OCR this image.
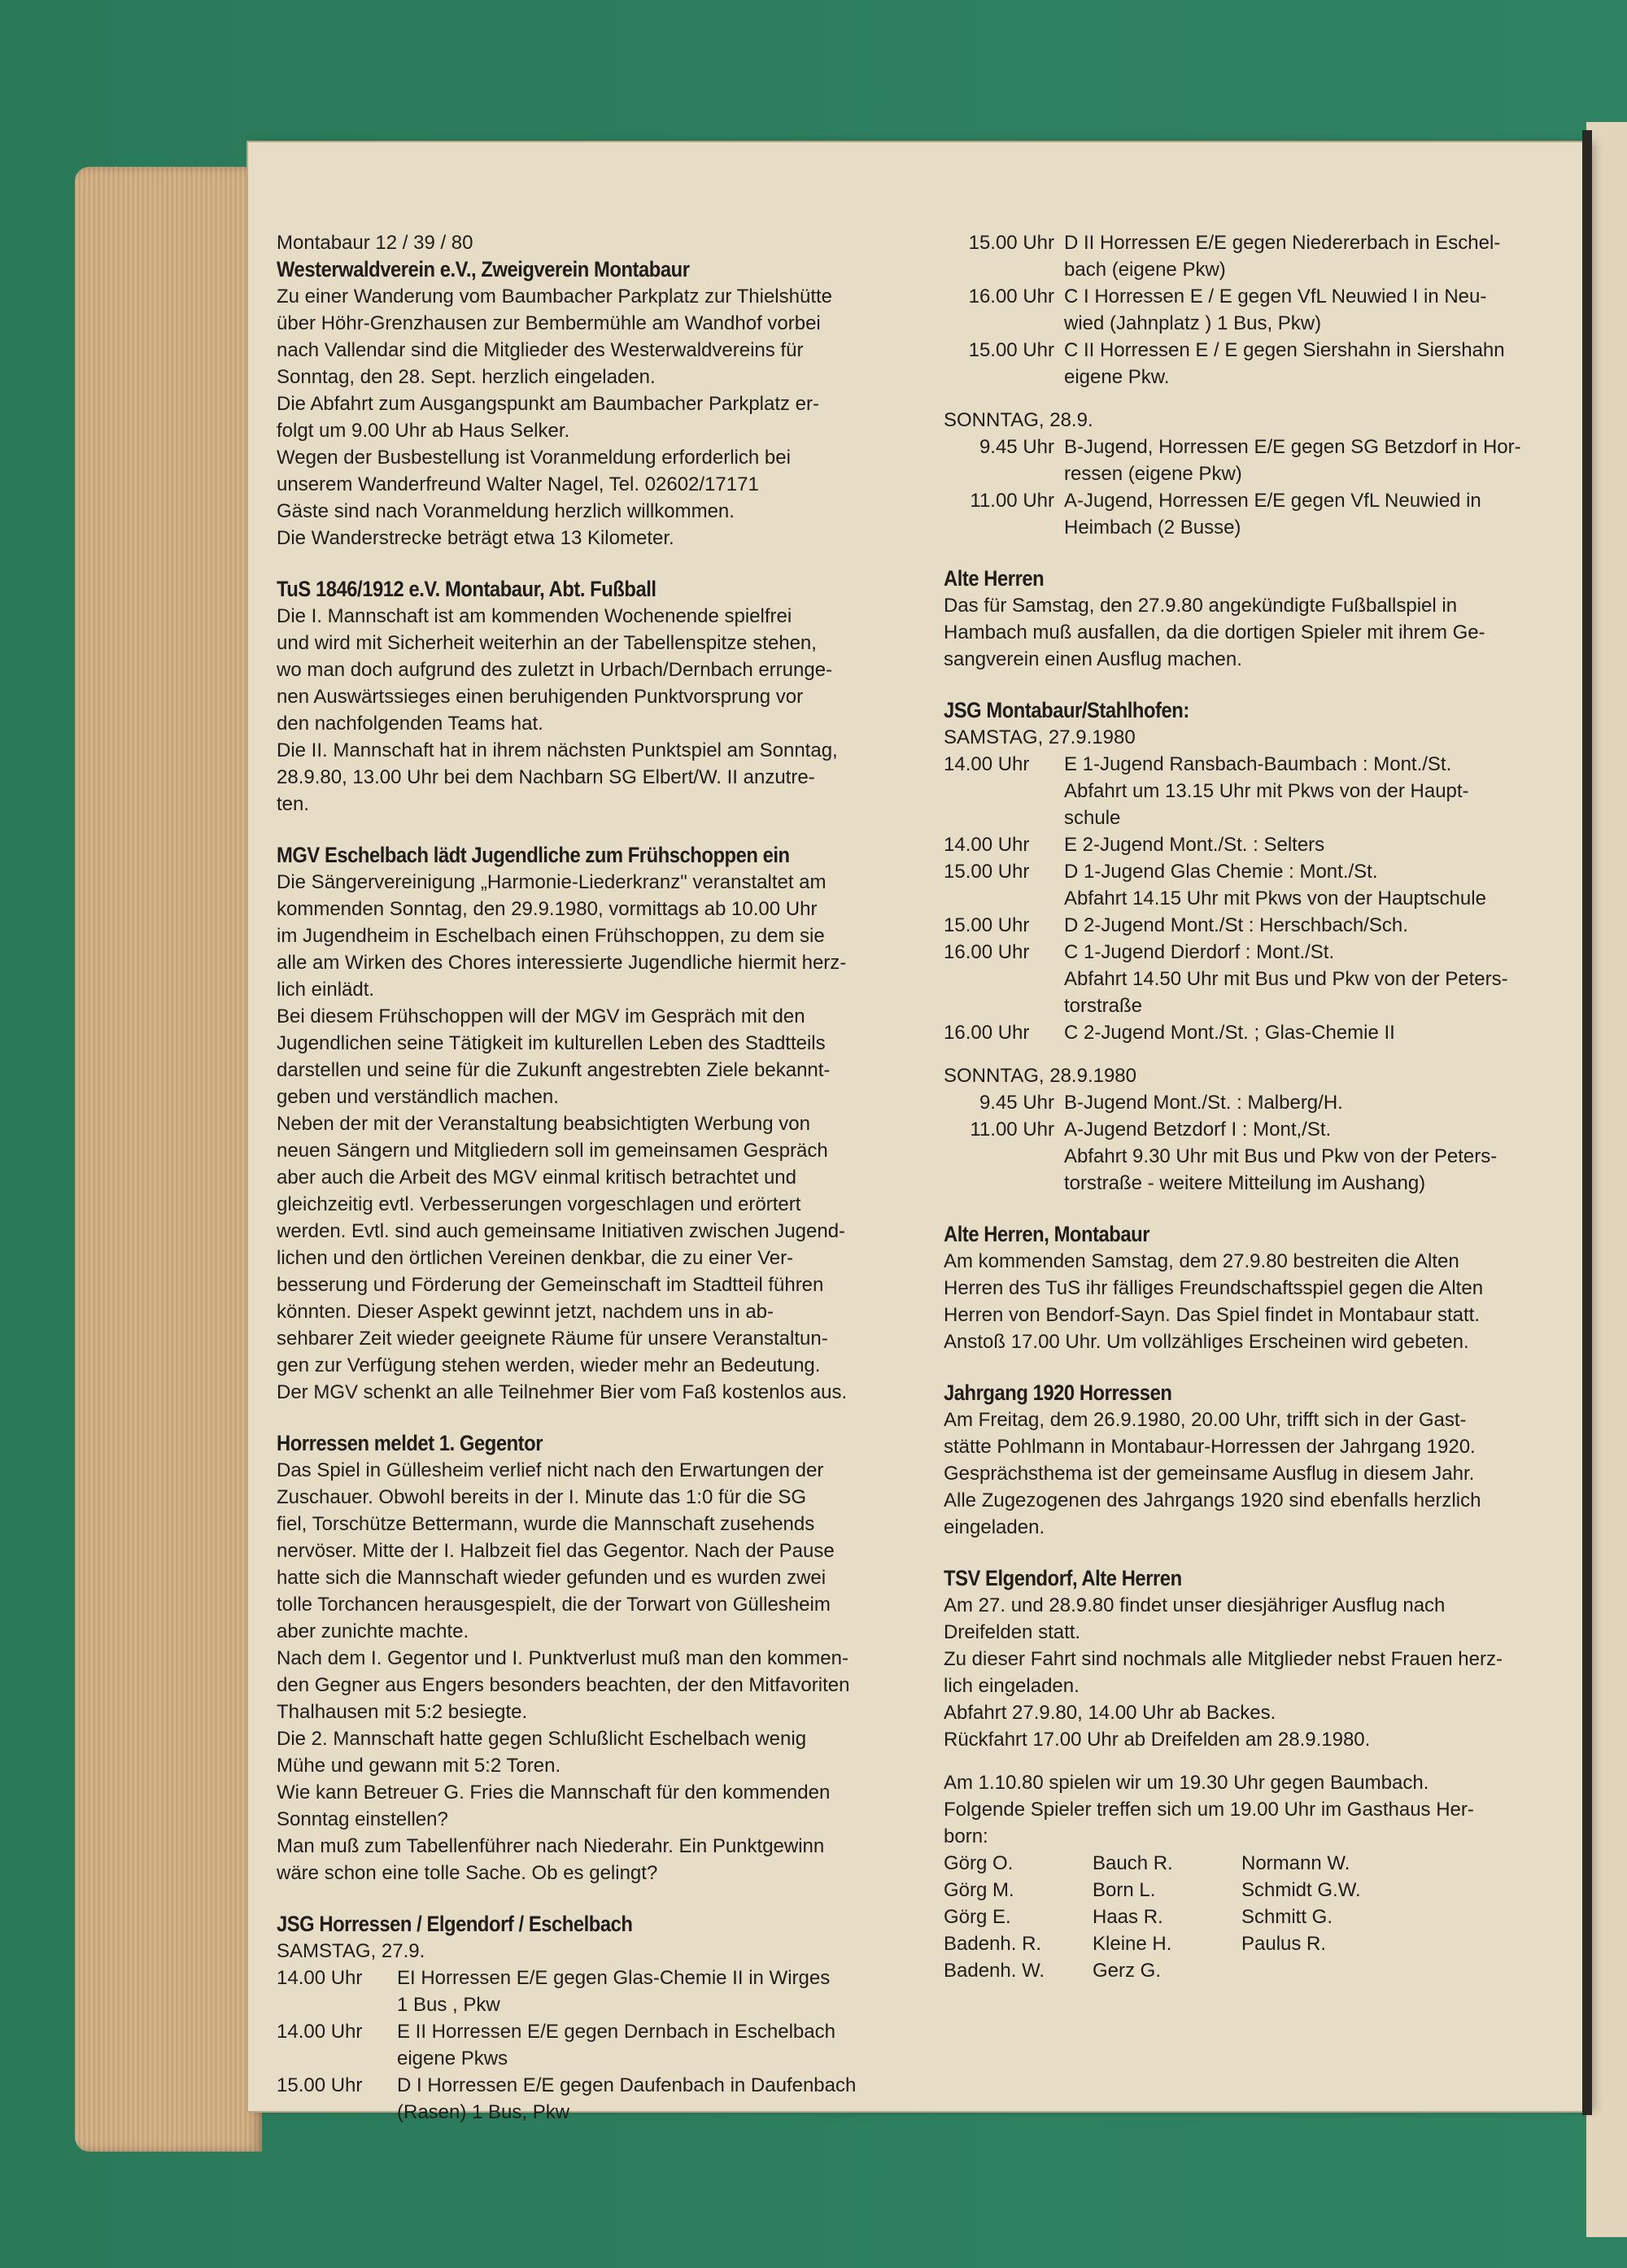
Montabaur 12 / 39 / 80

Westerwaldverein e.V., Zweigverein Montabaur

Zu einer Wanderung vom Baumbacher Parkplatz zur Thielshütte

über Höhr-Grenzhausen zur Bembermühle am Wandhof vorbei

nach Vallendar sind die Mitglieder des Westerwaldvereins für

Sonntag, den 28. Sept. herzlich eingeladen.

Die Abfahrt zum Ausgangspunkt am Baumbacher Parkplatz er-

folgt um 9.00 Uhr ab Haus Selker.

Wegen der Busbestellung ist Voranmeldung erforderlich bei

unserem Wanderfreund Walter Nagel, Tel. 02602/17171

Gäste sind nach Voranmeldung herzlich willkommen.

Die Wanderstrecke beträgt etwa 13 Kilometer.

TuS 1846/1912 e.V. Montabaur, Abt. Fußball

Die I. Mannschaft ist am kommenden Wochenende spielfrei

und wird mit Sicherheit weiterhin an der Tabellenspitze stehen,

wo man doch aufgrund des zuletzt in Urbach/Dernbach errunge-

nen Auswärtssieges einen beruhigenden Punktvorsprung vor

den nachfolgenden Teams hat.

Die II. Mannschaft hat in ihrem nächsten Punktspiel am Sonntag,

28.9.80, 13.00 Uhr bei dem Nachbarn SG Elbert/W. II anzutre-

ten.

MGV Eschelbach lädt Jugendliche zum Frühschoppen ein

Die Sängervereinigung „Harmonie-Liederkranz" veranstaltet am

kommenden Sonntag, den 29.9.1980, vormittags ab 10.00 Uhr

im Jugendheim in Eschelbach einen Frühschoppen, zu dem sie

alle am Wirken des Chores interessierte Jugendliche hiermit herz-

lich einlädt.

Bei diesem Frühschoppen will der MGV im Gespräch mit den

Jugendlichen seine Tätigkeit im kulturellen Leben des Stadtteils

darstellen und seine für die Zukunft angestrebten Ziele bekannt-

geben und verständlich machen.

Neben der mit der Veranstaltung beabsichtigten Werbung von

neuen Sängern und Mitgliedern soll im gemeinsamen Gespräch

aber auch die Arbeit des MGV einmal kritisch betrachtet und

gleichzeitig evtl. Verbesserungen vorgeschlagen und erörtert

werden. Evtl. sind auch gemeinsame Initiativen zwischen Jugend-

lichen und den örtlichen Vereinen denkbar, die zu einer Ver-

besserung und Förderung der Gemeinschaft im Stadtteil führen

könnten. Dieser Aspekt gewinnt jetzt, nachdem uns in ab-

sehbarer Zeit wieder geeignete Räume für unsere Veranstaltun-

gen zur Verfügung stehen werden, wieder mehr an Bedeutung.

Der MGV schenkt an alle Teilnehmer Bier vom Faß kostenlos aus.

Horressen meldet 1. Gegentor

Das Spiel in Güllesheim verlief nicht nach den Erwartungen der

Zuschauer. Obwohl bereits in der I. Minute das 1:0 für die SG

fiel, Torschütze Bettermann, wurde die Mannschaft zusehends

nervöser. Mitte der I. Halbzeit fiel das Gegentor. Nach der Pause

hatte sich die Mannschaft wieder gefunden und es wurden zwei

tolle Torchancen herausgespielt, die der Torwart von Güllesheim

aber zunichte machte.

Nach dem I. Gegentor und I. Punktverlust muß man den kommen-

den Gegner aus Engers besonders beachten, der den Mitfavoriten

Thalhausen mit 5:2 besiegte.

Die 2. Mannschaft hatte gegen Schlußlicht Eschelbach wenig

Mühe und gewann mit 5:2 Toren.

Wie kann Betreuer G. Fries die Mannschaft für den kommenden

Sonntag einstellen?

Man muß zum Tabellenführer nach Niederahr. Ein Punktgewinn

wäre schon eine tolle Sache. Ob es gelingt?

JSG Horressen / Elgendorf / Eschelbach

SAMSTAG, 27.9.

14.00 Uhr	EI Horressen E/E gegen Glas-Chemie II in Wirges

1 Bus , Pkw

14.00 Uhr	E II Horressen E/E gegen Dernbach in Eschelbach

eigene Pkws

15.00 Uhr	D I Horressen E/E gegen Daufenbach in Daufenbach

(Rasen) 1 Bus, Pkw

15.00 Uhr D II Horressen E/E gegen Niedererbach in Eschel-

bach (eigene Pkw)

16.00 Uhr C I Horressen E / E gegen VfL Neuwied I in Neu-

wied (Jahnplatz ) 1 Bus, Pkw)

15.00 Uhr C II Horressen E / E gegen Siershahn in Siershahn

eigene Pkw.

SONNTAG, 28.9.

9.45 Uhr B-Jugend, Horressen E/E gegen SG Betzdorf in Hor-

ressen (eigene Pkw)

11.00 Uhr A-Jugend, Horressen E/E gegen VfL Neuwied in

Heimbach (2 Busse)

Alte Herren

Das für Samstag, den 27.9.80 angekündigte Fußballspiel in

Hambach muß ausfallen, da die dortigen Spieler mit ihrem Ge-

sangverein einen Ausflug machen.

JSG Montabaur/Stahlhofen:

SAMSTAG, 27.9.1980

14.00 Uhr	E 1-Jugend Ransbach-Baumbach : Mont./St.

Abfahrt um 13.15 Uhr mit Pkws von der Haupt-

schule

14.00 Uhr	E 2-Jugend Mont./St. : Selters
15.00 Uhr	D 1-Jugend Glas Chemie : Mont./St.

Abfahrt 14.15 Uhr mit Pkws von der Hauptschule

15.00 Uhr	D 2-Jugend Mont./St : Herschbach/Sch.
16.00 Uhr	C 1-Jugend Dierdorf : Mont./St.

Abfahrt 14.50 Uhr mit Bus und Pkw von der Peters-

torstraße

16.00 Uhr	C 2-Jugend Mont./St. ; Glas-Chemie II

SONNTAG, 28.9.1980

9.45 Uhr B-Jugend Mont./St. : Malberg/H.
11.00 Uhr A-Jugend Betzdorf I : Mont,/St.

Abfahrt 9.30 Uhr mit Bus und Pkw von der Peters-

torstraße - weitere Mitteilung im Aushang)

Alte Herren, Montabaur

Am kommenden Samstag, dem 27.9.80 bestreiten die Alten

Herren des TuS ihr fälliges Freundschaftsspiel gegen die Alten

Herren von Bendorf-Sayn. Das Spiel findet in Montabaur statt.

Anstoß 17.00 Uhr. Um vollzähliges Erscheinen wird gebeten.

Jahrgang 1920 Horressen

Am Freitag, dem 26.9.1980, 20.00 Uhr, trifft sich in der Gast-

stätte Pohlmann in Montabaur-Horressen der Jahrgang 1920.

Gesprächsthema ist der gemeinsame Ausflug in diesem Jahr.

Alle Zugezogenen des Jahrgangs 1920 sind ebenfalls herzlich

eingeladen.

TSV Elgendorf, Alte Herren

Am 27. und 28.9.80 findet unser diesjähriger Ausflug nach

Dreifelden statt.

Zu dieser Fahrt sind nochmals alle Mitglieder nebst Frauen herz-

lich eingeladen.

Abfahrt 27.9.80, 14.00 Uhr ab Backes.

Rückfahrt 17.00 Uhr ab Dreifelden am 28.9.1980.

Am 1.10.80 spielen wir um 19.30 Uhr gegen Baumbach.

Folgende Spieler treffen sich um 19.00 Uhr im Gasthaus Her-

born:

Görg O.	Bauch R.	Normann W.
Görg M.	Born L.	Schmidt G.W.
Görg E.	Haas R.	Schmitt G.
Badenh. R.	Kleine H.	Paulus R.
Badenh. W.	Gerz G.	
